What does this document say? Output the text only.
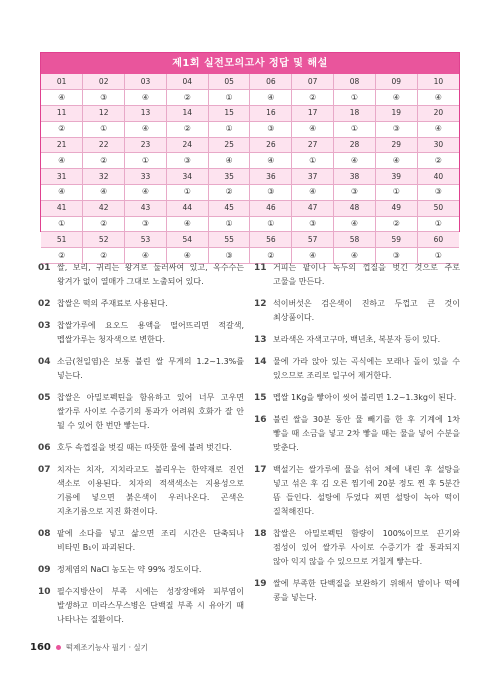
제1회 실전모의고사 정답 및 해설
01	02	03	04	05	06	07	08	09	10
④	③	④	②	①	④	②	①	④	④
11	12	13	14	15	16	17	18	19	20
②	①	④	②	①	③	④	①	③	④
21	22	23	24	25	26	27	28	29	30
④	②	①	③	④	④	①	④	④	②
31	32	33	34	35	36	37	38	39	40
④	④	④	①	②	③	④	③	①	③
41	42	43	44	45	46	47	48	49	50
①	②	③	④	①	①	③	④	②	①
51	52	53	54	55	56	57	58	59	60
②	②	④	④	③	②	④	④	③	①
01 쌀, 보리, 귀리는 왕겨로 둘러싸여 있고, 옥수수는 왕겨가 없이 열매가 그대로 노출되어 있다.
02 찹쌀은 떡의 주재료로 사용된다.
03 찹쌀가루에 요오드 용액을 떨어뜨리면 적갈색, 멥쌀가루는 청자색으로 변한다.
04 소금(천일염)은 보통 불린 쌀 무게의 1.2~1.3%를 넣는다.
05 찹쌀은 아밀로펙틴을 함유하고 있어 너무 고우면 쌀가루 사이로 수증기의 통과가 어려워 호화가 잘 안 될 수 있어 한 번만 빻는다.
06 호두 속껍질을 벗길 때는 따뜻한 물에 불려 벗긴다.
07 치자는 치자, 지치라고도 불리우는 한약재로 진언 색소로 이용된다. 치자의 적색색소는 지용성으로 기름에 넣으면 붉은색이 우러나온다. 곤색은 지초기름으로 지진 화전이다.
08 팥에 소다를 넣고 삶으면 조리 시간은 단축되나 비타민 B₁이 파괴된다.
09 정제염의 NaCl 농도는 약 99% 정도이다.
10 필수지방산이 부족 시에는 성장장애와 피부염이 발생하고 미라스무스병은 단백질 부족 시 유아기 때 나타나는 질환이다.
11 거피는 팥이나 녹두의 껍질을 벗긴 것으로 주로 고물을 만든다.
12 석이버섯은 검은색이 진하고 두껍고 큰 것이 최상품이다.
13 보라색은 자색고구마, 백년초, 복분자 등이 있다.
14 물에 가라 앉아 있는 곡식에는 모래나 돌이 있을 수 있으므로 조리로 일구어 제거한다.
15 멥쌀 1Kg을 빻아이 씻어 불리면 1.2~1.3kg이 된다.
16 불린 쌀을 30분 동안 물 빼기를 한 후 기계에 1차 빻을 때 소금을 넣고 2차 빻을 때는 물을 넣어 수분을 맞춘다.
17 백설기는 쌀가루에 물을 섞어 체에 내린 후 설탕을 넣고 섞은 후 김 오른 찜기에 20분 정도 찐 후 5분간 뜸 들인다. 설탕에 두었다 찌면 설탕이 녹아 떡이 질척해진다.
18 찹쌀은 아밀로펙틴 함량이 100%이므로 끈기와 점성이 있어 쌀가루 사이로 수증기가 잘 통과되지 않아 익지 않을 수 있으므로 거칠게 빻는다.
19 쌀에 부족한 단백질을 보완하기 위해서 밤이나 떡에 콩을 넣는다.
160 떡제조기능사 필기 · 실기
